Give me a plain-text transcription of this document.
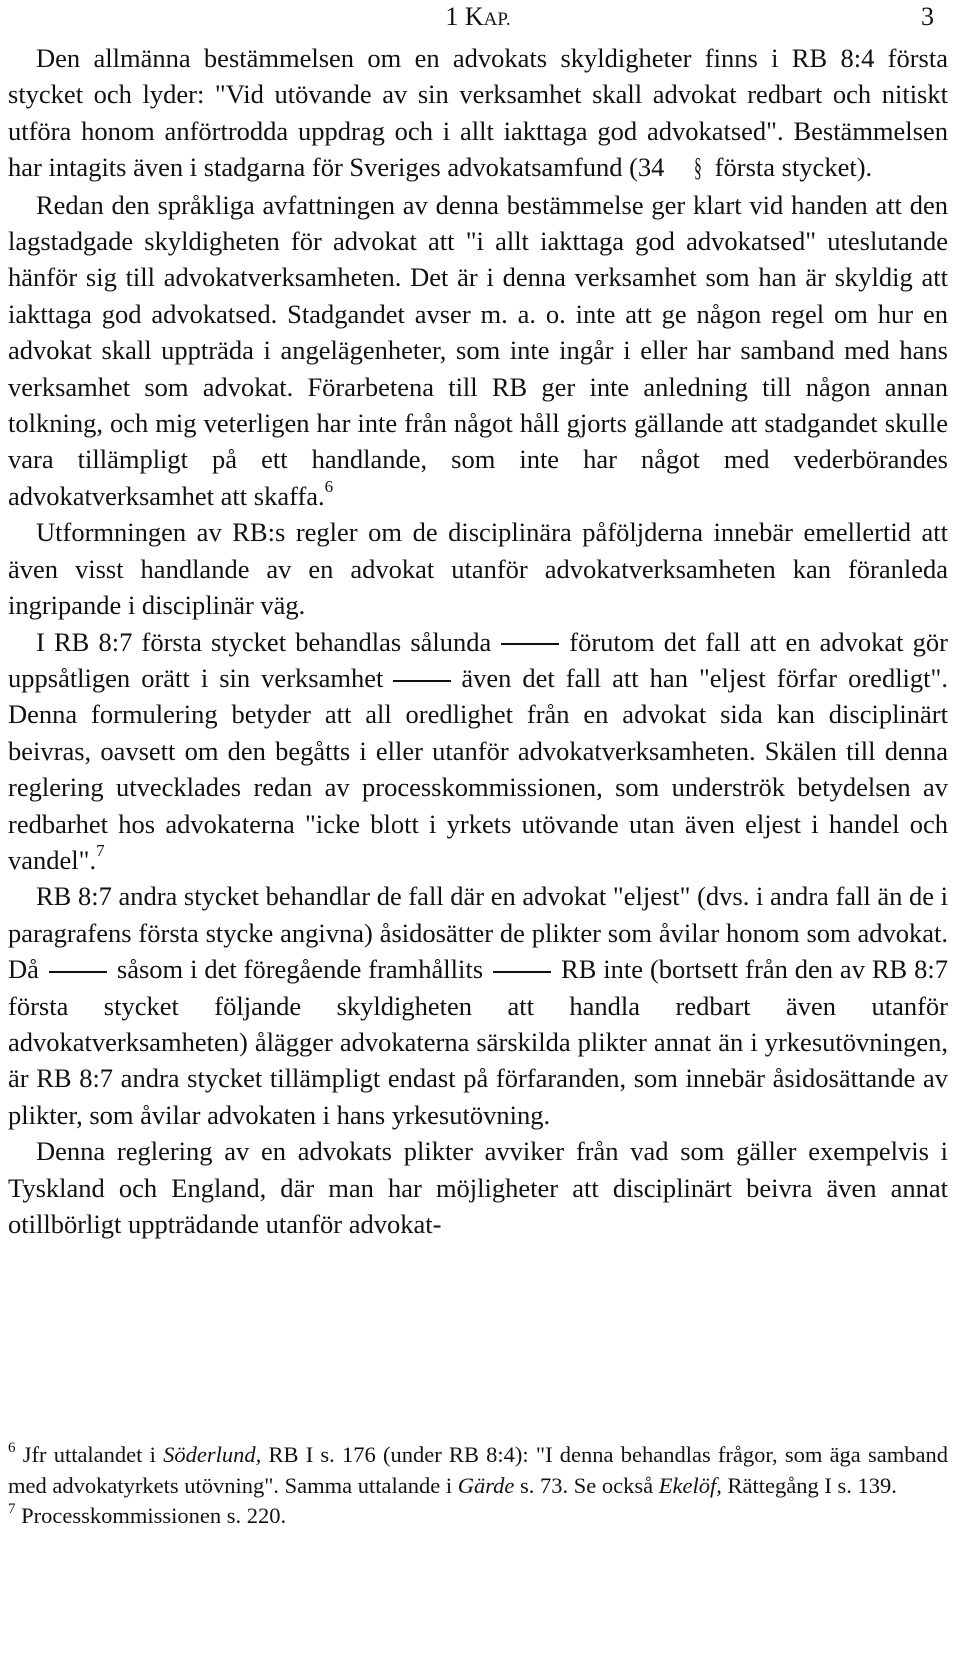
1 KAP.	3

Den allmänna bestämmelsen om en advokats skyldigheter finns i RB 8:4 första stycket och lyder: "Vid utövande av sin verksamhet skall advokat redbart och nitiskt utföra honom anförtrodda uppdrag och i allt iakttaga god advokatsed". Bestämmelsen har intagits även i stadgarna för Sveriges advokatsamfund (34 § första stycket).

Redan den språkliga avfattningen av denna bestämmelse ger klart vid handen att den lagstadgade skyldigheten för advokat att "i allt iakttaga god advokatsed" uteslutande hänför sig till advokatverksamheten. Det är i denna verksamhet som han är skyldig att iakttaga god advokatsed. Stadgandet avser m. a. o. inte att ge någon regel om hur en advokat skall uppträda i angelägenheter, som inte ingår i eller har samband med hans verksamhet som advokat. Förarbetena till RB ger inte anledning till någon annan tolkning, och mig veterligen har inte från något håll gjorts gällande att stadgandet skulle vara tillämpligt på ett handlande, som inte har något med vederbörandes advokatverksamhet att skaffa.$^6$

Utformningen av RB:s regler om de disciplinära påföljderna innebär emellertid att även visst handlande av en advokat utanför advokatverksamheten kan föranleda ingripande i disciplinär väg.

I RB 8:7 första stycket behandlas sålunda	förutom det fall att en advokat gör uppsåtligen orätt i sin verksamhet	även det fall att han "eljest förfar oredligt". Denna formulering betyder att all oredlighet från en advokat sida kan disciplinärt beivras, oavsett om den begåtts i eller utanför advokatverksamheten. Skälen till denna reglering utvecklades redan av processkommissionen, som underströk betydelsen av redbarhet hos advokaterna "icke blott i yrkets utövande utan även eljest i handel och vandel".$^7$

RB 8:7 andra stycket behandlar de fall där en advokat "eljest" (dvs. i andra fall än de i paragrafens första stycke angivna) åsidosätter de plikter som åvilar honom som advokat. Då	såsom i det föregående framhållits	RB inte (bortsett från den av RB 8:7 första stycket följande skyldigheten att handla redbart även utanför advokatverksamheten) ålägger advokaterna särskilda plikter annat än i yrkesutövningen, är RB 8:7 andra stycket tillämpligt endast på förfaranden, som innebär åsidosättande av plikter, som åvilar advokaten i hans yrkesutövning.

Denna reglering av en advokats plikter avviker från vad som gäller exempelvis i Tyskland och England, där man har möjligheter att disciplinärt beivra även annat otillbörligt uppträdande utanför advokat-

$^6$ Jfr uttalandet i Söderlund, RB I s. 176 (under RB 8:4): "I denna behandlas frågor, som äga samband med advokatyrkets utövning". Samma uttalande i Gärde s. 73. Se också Ekelöf, Rättegång I s. 139.

$^7$ Processkommissionen s. 220.
